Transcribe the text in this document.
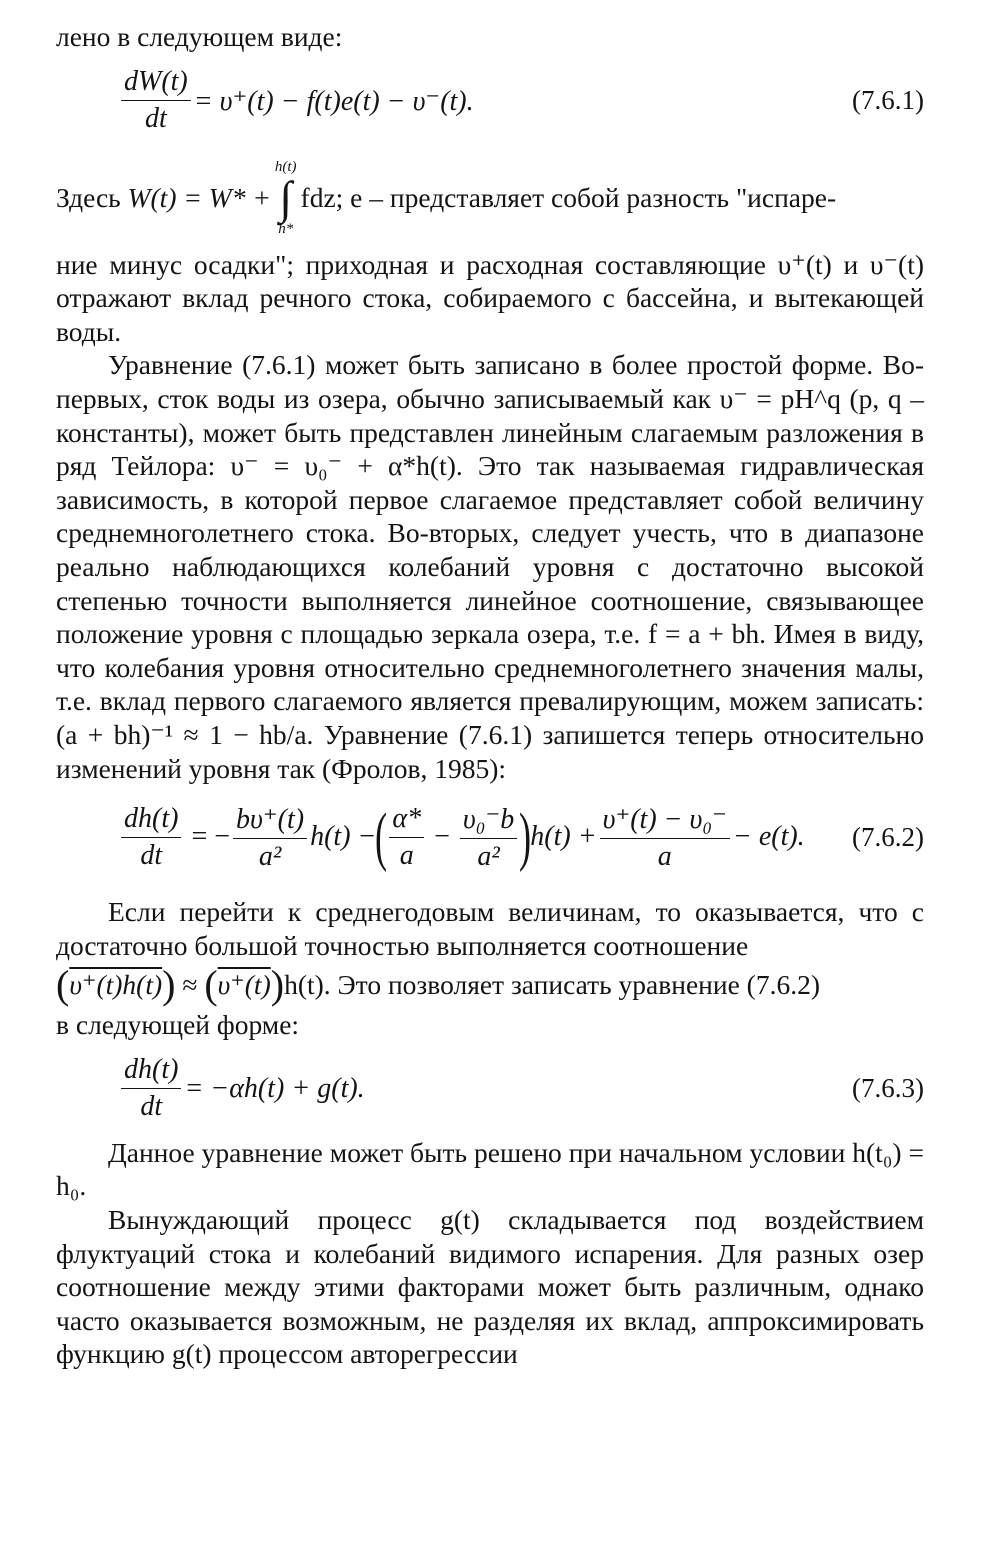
лено в следующем виде:

$\frac{dW(t)}{dt} = \upsilon^+(t) - f(t)e(t) - \upsilon^-(t)$.	(7.6.1)
Здесь
W(t) = W* +
h(t)
∫
h*
fdz; e – представляет собой разность "испаре-

ние минус осадки"; приходная и расходная составляющие υ⁺(t) и υ⁻(t) отражают вклад речного стока, собираемого с бассейна, и вытекающей воды.

Уравнение (7.6.1) может быть записано в более простой форме. Во-первых, сток воды из озера, обычно записываемый как υ⁻ = pH^q (p, q – константы), может быть представлен линейным слагаемым разложения в ряд Тейлора: υ⁻ = υ₀⁻ + α*h(t). Это так называемая гидравлическая зависимость, в которой первое слагаемое представляет собой величину среднемноголетнего стока. Во-вторых, следует учесть, что в диапазоне реально наблюдающихся колебаний уровня с достаточно высокой степенью точности выполняется линейное соотношение, связывающее положение уровня с площадью зеркала озера, т.е. f = a + bh. Имея в виду, что колебания уровня относительно среднемноголетнего значения малы, т.е. вклад первого слагаемого является превалирующим, можем записать: (a + bh)⁻¹ ≈ 1 − hb/a. Уравнение (7.6.1) запишется теперь относительно изменений уровня так (Фролов, 1985):

$\frac{dh(t)}{dt}$ = − $\frac{b\upsilon^+(t)}{\text{a²}} h(t)$ −
( $\frac{\alpha*}{a} - \frac{\text{υ₀⁻b}}{\text{a²}}$ )
$h(t) + \frac{\text{υ⁺(t) − υ₀⁻}}{a} - e(t)$. (7.6.2)

Если перейти к среднегодовым величинам, то оказывается, что с достаточно большой точностью выполняется соотношение

( υ⁺(t)h(t) ) ≈ ( υ⁺(t) ) h(t). Это позволяет записать уравнение (7.6.2)

в следующей форме:

$\frac{dh(t)}{dt} = -\alpha h(t) + g(t)$.	(7.6.3)

Данное уравнение может быть решено при начальном условии h(t₀) = h₀.

Вынуждающий процесс g(t) складывается под воздействием флуктуаций стока и колебаний видимого испарения. Для разных озер соотношение между этими факторами может быть различным, однако часто оказывается возможным, не разделяя их вклад, аппроксимировать функцию g(t) процессом авторегрессии
